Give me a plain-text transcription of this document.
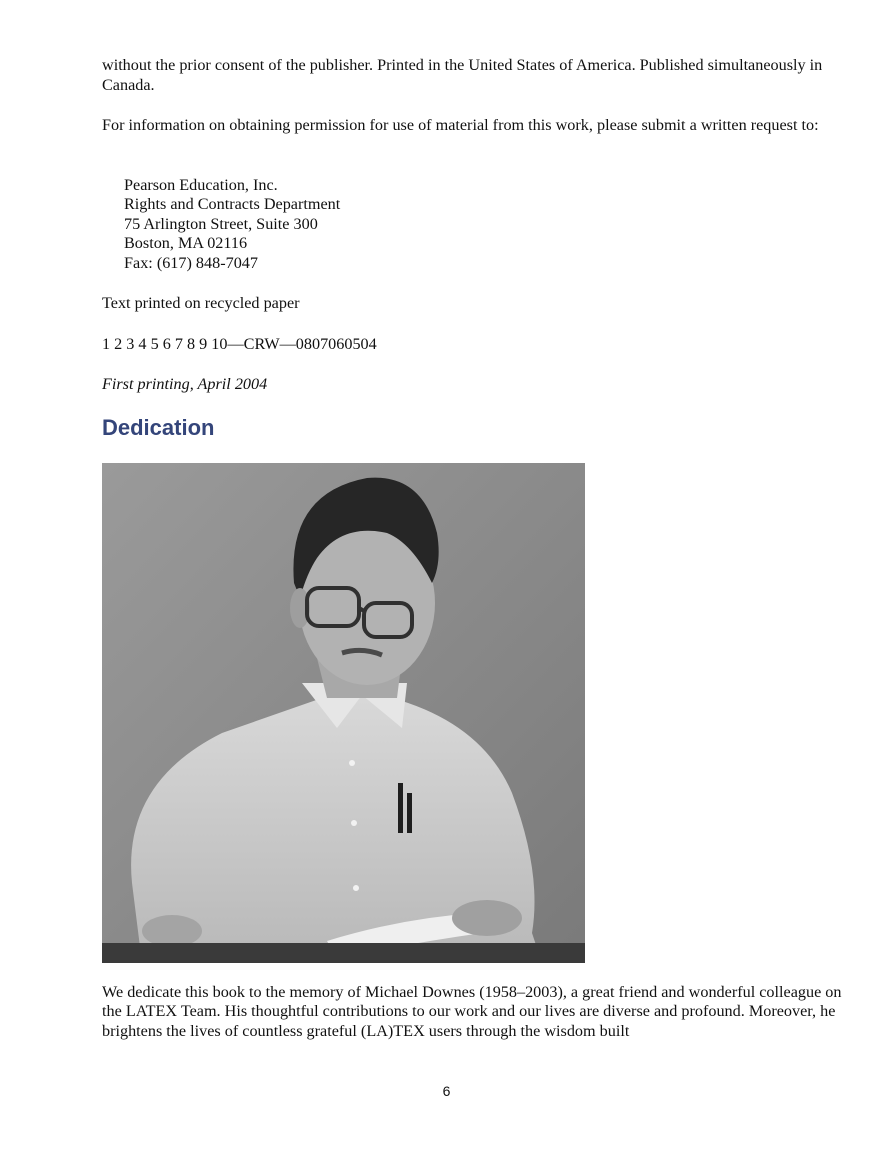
without the prior consent of the publisher. Printed in the United States of America. Published simultaneously in Canada.

For information on obtaining permission for use of material from this work, please submit a written request to:

Pearson Education, Inc.
Rights and Contracts Department
75 Arlington Street, Suite 300
Boston, MA 02116
Fax: (617) 848-7047

Text printed on recycled paper

1 2 3 4 5 6 7 8 9 10—CRW—0807060504

First printing, April 2004

Dedication

We dedicate this book to the memory of Michael Downes (1958–2003), a great friend and wonderful colleague on the LATEX Team. His thoughtful contributions to our work and our lives are diverse and profound. Moreover, he brightens the lives of countless grateful (LA)TEX users through the wisdom built

6
